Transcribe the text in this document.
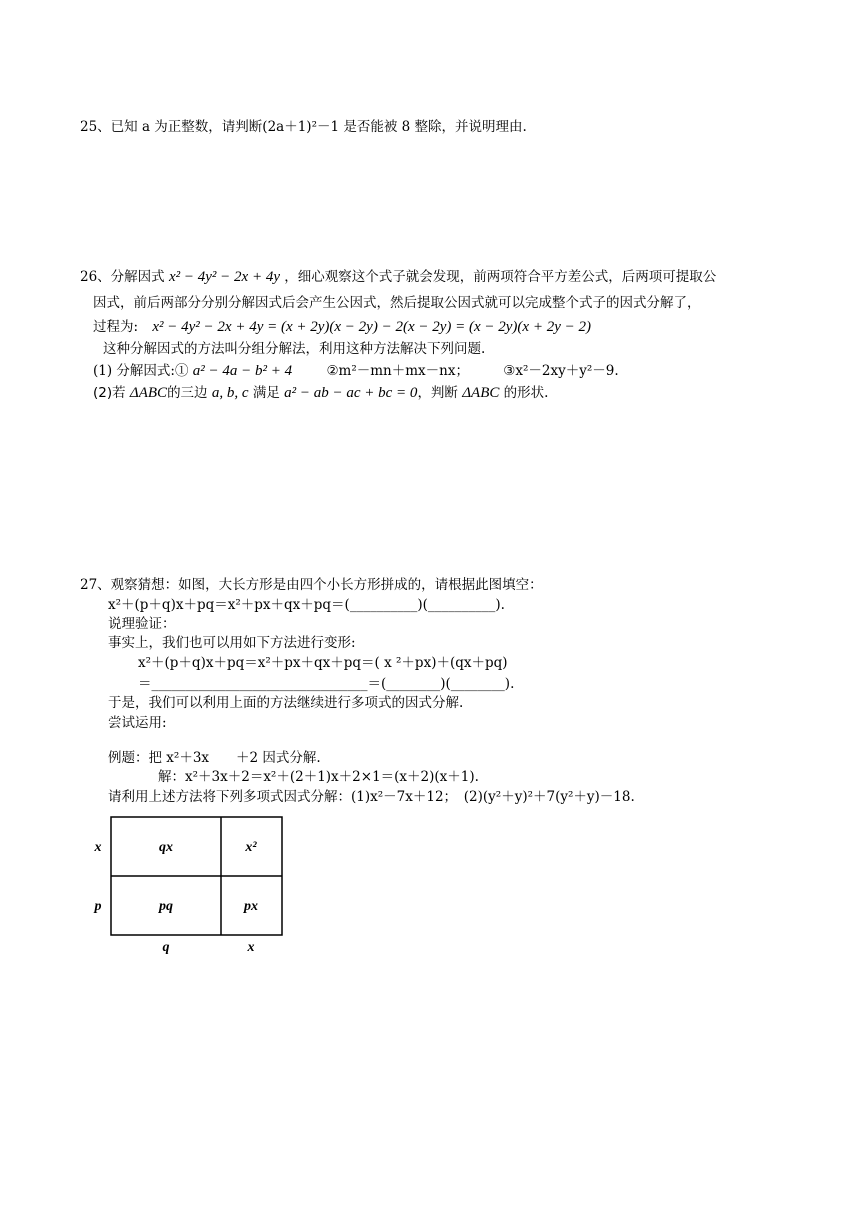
25、已知 a 为正整数，请判断(2a＋1)²－1 是否能被 8 整除，并说明理由.
26、分解因式 x² − 4y² − 2x + 4y ，细心观察这个式子就会发现，前两项符合平方差公式，后两项可提取公
因式，前后两部分分别分解因式后会产生公因式，然后提取公因式就可以完成整个式子的因式分解了，
过程为: x² − 4y² − 2x + 4y = (x + 2y)(x − 2y) − 2(x − 2y) = (x − 2y)(x + 2y − 2)
这种分解因式的方法叫分组分解法，利用这种方法解决下列问题.
(1) 分解因式:① a² − 4a − b² + 4	②m²－mn＋mx－nx；	③x²－2xy＋y²－9.
(2)若 ΔABC的三边 a, b, c 满足 a² − ab − ac + bc = 0，判断 ΔABC 的形状.
27、观察猜想：如图，大长方形是由四个小长方形拼成的，请根据此图填空：
x²＋(p＋q)x＋pq＝x²＋px＋qx＋pq＝(__________)(__________).
说理验证：
事实上，我们也可以用如下方法进行变形:
x²＋(p＋q)x＋pq＝x²＋px＋qx＋pq＝( x ²＋px)＋(qx＋pq)
＝________________________________＝(________)(________).
于是，我们可以利用上面的方法继续进行多项式的因式分解.
尝试运用:
例题：把 x²＋3x　　＋2 因式分解.
解：x²＋3x＋2＝x²＋(2＋1)x＋2×1＝(x＋2)(x＋1).
请利用上述方法将下列多项式因式分解：(1)x²－7x＋12；　(2)(y²＋y)²＋7(y²＋y)－18.
qx	x²
pq	px
x
p
q	x
